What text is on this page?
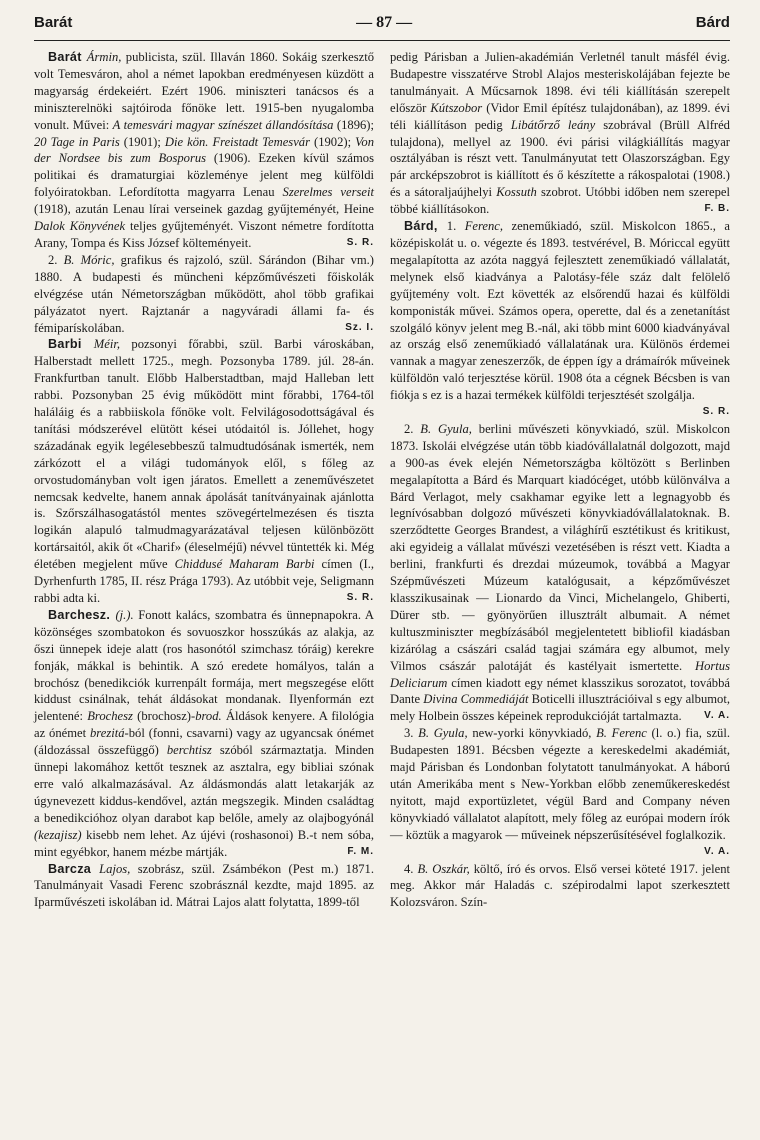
Barát	— 87 —	Bárd

Barát Ármin, publicista, szül. Illaván 1860. Sokáig szerkesztő volt Temesváron, ahol a német lapokban eredményesen küzdött a magyarság érdekeiért. Ezért 1906. miniszteri tanácsos és a miniszterelnöki sajtóiroda főnöke lett. 1915-ben nyugalomba vonult. Művei: A temesvári magyar színészet állandósítása (1896); 20 Tage in Paris (1901); Die kön. Freistadt Temesvár (1902); Von der Nordsee bis zum Bosporus (1906). Ezeken kívül számos politikai és dramaturgiai közleménye jelent meg külföldi folyóiratokban. Lefordította magyarra Lenau Szerelmes verseit (1918), azután Lenau lírai verseinek gazdag gyűjteményét, Heine Dalok Könyvének teljes gyűjteményét. Viszont németre fordította Arany, Tompa és Kiss József költeményeit.	S. R.

2. B. Móric, grafikus és rajzoló, szül. Sárándon (Bihar vm.) 1880. A budapesti és müncheni képzőművészeti főiskolák elvégzése után Németországban működött, ahol több grafikai pályázatot nyert. Rajztanár a nagyváradi állami fa- és fémiparískolában.	Sz. I.

Barbi Méir, pozsonyi főrabbi, szül. Barbi városkában, Halberstadt mellett 1725., megh. Pozsonyba 1789. júl. 28-án. Frankfurtban tanult. Előbb Halberstadtban, majd Halleban lett rabbi. Pozsonyban 25 évig működött mint főrabbi, 1764-től haláláig és a rabbiiskola főnöke volt. Felvilágosodottságával és tanítási módszerével elütött kései utódaitól is. Jóllehet, hogy századának egyik legélesebbeszű talmudtudósának ismerték, nem zárkózott el a világi tudományok elől, s főleg az orvostudományban volt igen járatos. Emellett a zeneművészetet nemcsak kedvelte, hanem annak ápolását tanítványainak ajánlotta is. Szőrszálhasogatástól mentes szövegértelmezésen és tiszta logikán alapuló talmudmagyarázatával teljesen különbözött kortársaitól, akik őt «Charif» (éleselméjű) névvel tüntették ki. Még életében megjelent műve Chiddusé Maharam Barbi címen (I., Dyrhenfurth 1785, II. rész Prága 1793). Az utóbbit veje, Seligmann rabbi adta ki.	S. R.

Barchesz. (j.). Fonott kalács, szombatra és ünnepnapokra. A közönséges szombatokon és sovuoszkor hosszúkás az alakja, az őszi ünnepek ideje alatt (ros hasonótól szimchasz tóráig) kerekre fonják, mákkal is behintik. A szó eredete homályos, talán a brochósz (benedikciók kurrenpált formája, mert megszegése előtt kiddust csinálnak, tehát áldásokat mondanak. Ilyenformán ezt jelentené: Brochesz (brochosz)-brod. Áldások kenyere. A filológia az ónémet brezitá-ból (fonni, csavarni) vagy az ugyancsak ónémet (áldozással összefüggő) berchtisz szóból származtatja. Minden ünnepi lakomához kettőt tesznek az asztalra, egy bibliai szónak erre való alkalmazásával. Az áldásmondás alatt letakarják az úgynevezett kiddus-kendővel, aztán megszegik. Minden családtag a benedikcióhoz olyan darabot kap belőle, amely az olajbogyónál (kezajisz) kisebb nem lehet. Az újévi (roshasonoi) B.-t nem sóba, mint egyébkor, hanem mézbe mártják.	F. M.

Barcza Lajos, szobrász, szül. Zsámbékon (Pest m.) 1871. Tanulmányait Vasadi Ferenc szobrásznál kezdte, majd 1895. az Iparművészeti iskolában id. Mátrai Lajos alatt folytatta, 1899-től

pedig Párisban a Julien-akadémián Verletnél tanult másfél évig. Budapestre visszatérve Strobl Alajos mesteriskolájában fejezte be tanulmányait. A Műcsarnok 1898. évi téli kiállításán szerepelt először Kútszobor (Vidor Emil építész tulajdonában), az 1899. évi téli kiállításon pedig Libátőrző leány szobrával (Brüll Alfréd tulajdona), mellyel az 1900. évi párisi világkiállítás magyar osztályában is részt vett. Tanulmányutat tett Olaszországban. Egy pár arcképszobrot is kiállított és ő készítette a rákospalotai (1908.) és a sátoraljaújhelyi Kossuth szobrot. Utóbbi időben nem szerepel többé kiállításokon.	F. B.

Bárd, 1. Ferenc, zeneműkiadó, szül. Miskolcon 1865., a középiskolát u. o. végezte és 1893. testvérével, B. Móriccal együtt megalapította az azóta naggyá fejlesztett zeneműkiadó vállalatát, melynek első kiadványa a Palotásy-féle száz dalt felölelő gyűjtemény volt. Ezt követték az elsőrendű hazai és külföldi komponisták művei. Számos opera, operette, dal és a zenetanítást szolgáló könyv jelent meg B.-nál, aki több mint 6000 kiadványával az ország első zeneműkiadó vállalatának ura. Különös érdemei vannak a magyar zeneszerzők, de éppen így a drámaírók műveinek külföldön való terjesztése körül. 1908 óta a cégnek Bécsben is van fiókja s ez is a hazai termékek külföldi terjesztését szolgálja.
S. R.

2. B. Gyula, berlini művészeti könyvkiadó, szül. Miskolcon 1873. Iskolái elvégzése után több kiadóvállalatnál dolgozott, majd a 900-as évek elején Németországba költözött s Berlinben megalapította a Bárd és Marquart kiadócéget, utóbb különválva a Bárd Verlagot, mely csakhamar egyike lett a legnagyobb és legnívósabban dolgozó művészeti könyvkiadóvállalatoknak. B. szerződtette Georges Brandest, a világhírű esztétikust és kritikust, aki egyideig a vállalat művészi vezetésében is részt vett. Kiadta a berlini, frankfurti és drezdai múzeumok, továbbá a Magyar Szépművészeti Múzeum katalógusait, a képzőművészet klasszikusainak — Lionardo da Vinci, Michelangelo, Ghiberti, Dürer stb. — gyönyörűen illusztrált albumait. A német kultuszminiszter megbízásából megjelentetett bibliofil kiadásban kizárólag a császári család tagjai számára egy albumot, mely Vilmos császár palotáját és kastélyait ismertette. Hortus Deliciarum címen kiadott egy német klasszikus sorozatot, továbbá Dante Divina Commediáját Boticelli illusztrációival s egy albumot, mely Holbein összes képeinek reprodukcióját tartalmazta.	V. A.

3. B. Gyula, new-yorki könyvkiadó, B. Ferenc (l. o.) fia, szül. Budapesten 1891. Bécsben végezte a kereskedelmi akadémiát, majd Párisban és Londonban folytatott tanulmányokat. A háború után Amerikába ment s New-Yorkban előbb zeneműkereskedést nyitott, majd exportüzletet, végül Bard and Company néven könyvkiadó vállalatot alapított, mely főleg az európai modern írók — köztük a magyarok — műveinek népszerűsítésével foglalkozik.
V. A.

4. B. Oszkár, költő, író és orvos. Első versei köteté 1917. jelent meg. Akkor már Haladás c. szépirodalmi lapot szerkesztett Kolozsváron. Szín-
